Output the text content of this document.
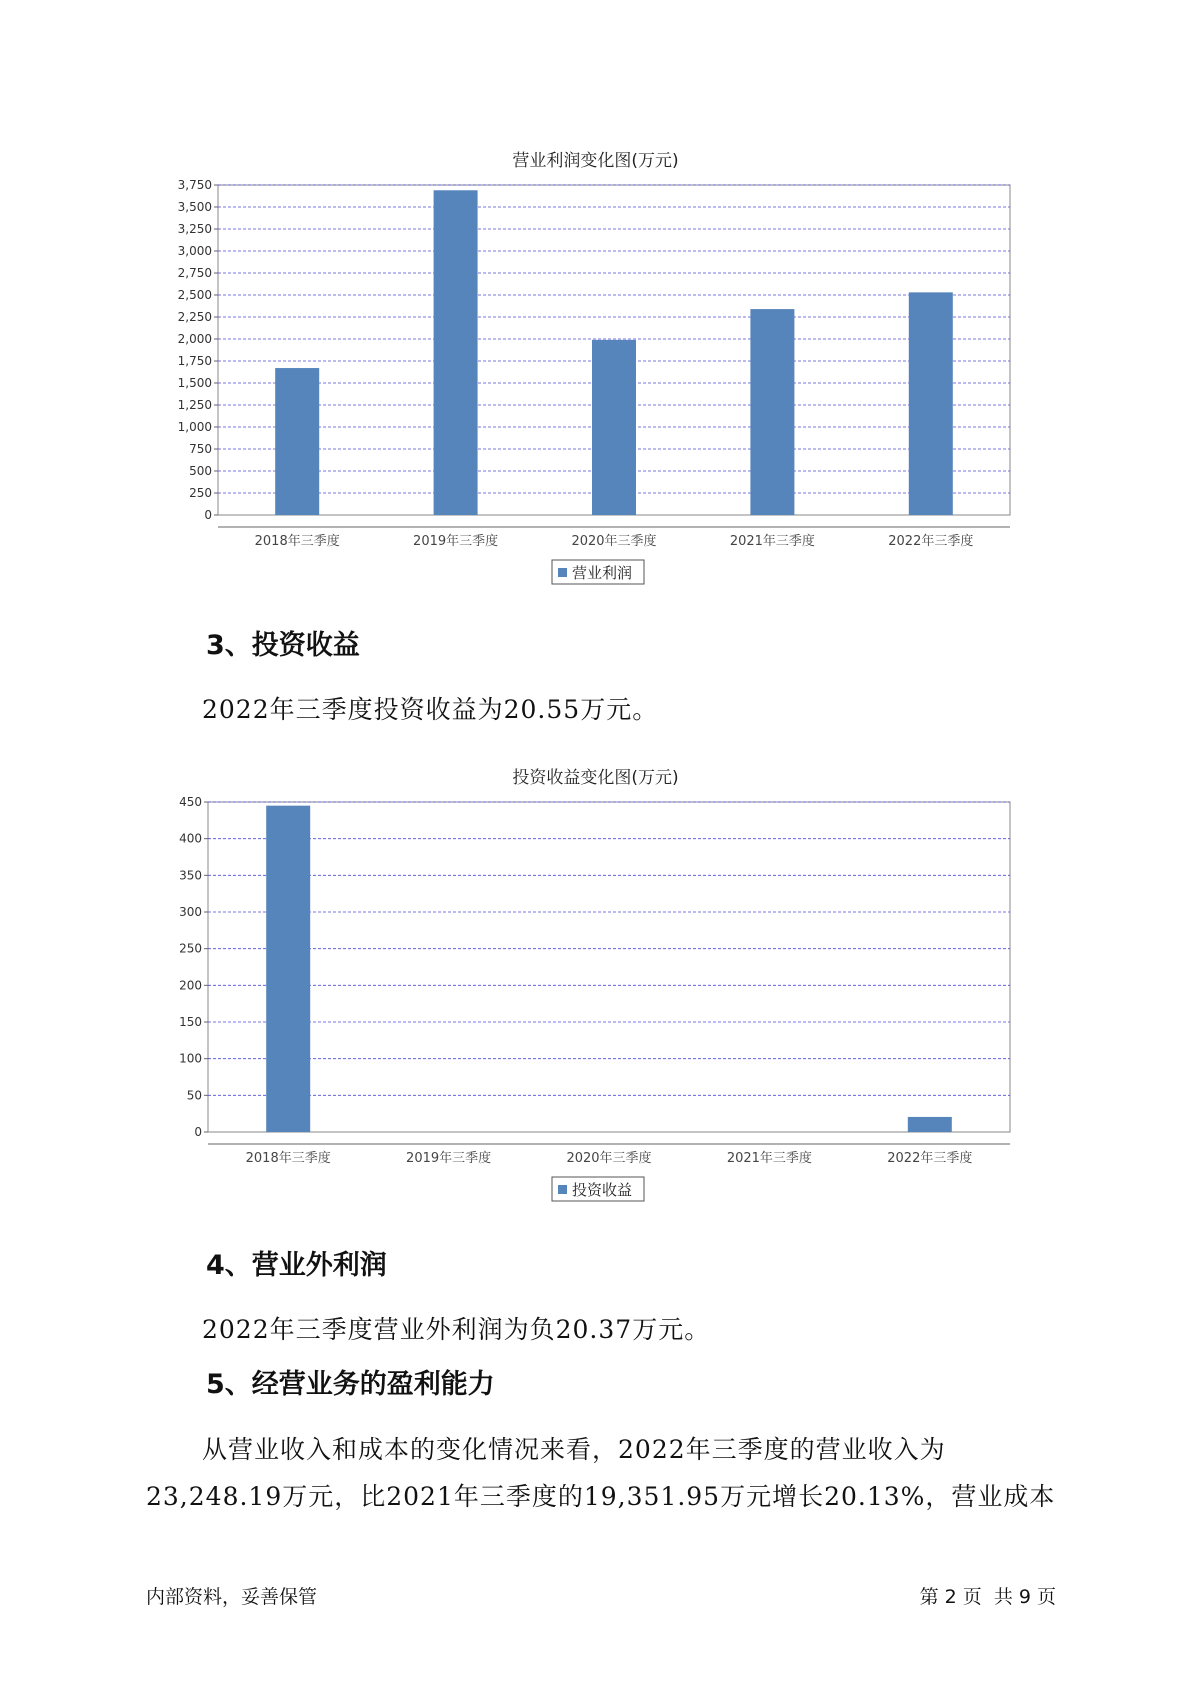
营业利润变化图(万元)
0
250
500
750
1,000
1,250
1,500
1,750
2,000
2,250
2,500
2,750
3,000
3,250
3,500
3,750
2018年三季度	2019年三季度	2020年三季度	2021年三季度	2022年三季度
营业利润
3、投资收益

2022年三季度投资收益为20.55万元。

投资收益变化图(万元)
0
50
100
150
200
250
300
350
400
450
2018年三季度	2019年三季度	2020年三季度	2021年三季度	2022年三季度
投资收益
4、营业外利润

2022年三季度营业外利润为负20.37万元。

5、经营业务的盈利能力

从营业收入和成本的变化情况来看，2022年三季度的营业收入为

23,248.19万元，比2021年三季度的19,351.95万元增长20.13%，营业成本

内部资料，妥善保管	第 2 页  共 9 页
